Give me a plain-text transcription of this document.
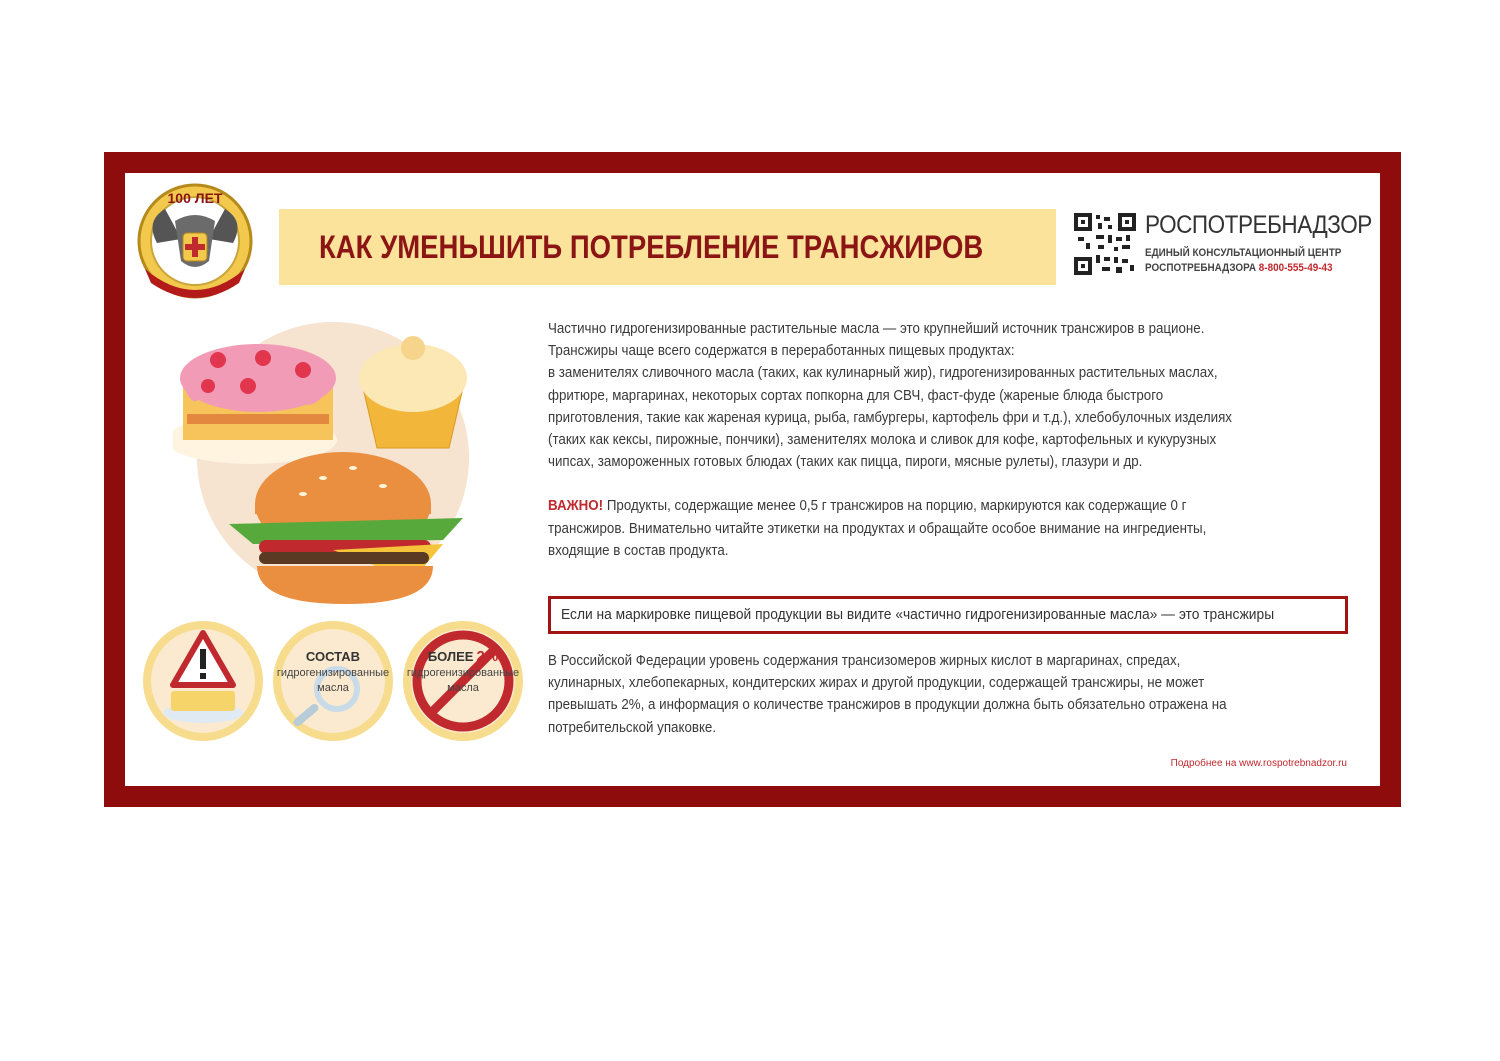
100 ЛЕТ
КАК УМЕНЬШИТЬ ПОТРЕБЛЕНИЕ ТРАНСЖИРОВ
РОСПОТРЕБНАДЗОР
ЕДИНЫЙ КОНСУЛЬТАЦИОННЫЙ ЦЕНТР
РОСПОТРЕБНАДЗОРА 8-800-555-49-43
СОСТАВ
гидрогенизированные
масла
БОЛЕЕ 2%
гидрогенизированные
масла

Частично гидрогенизированные растительные масла — это крупнейший источник трансжиров в рационе.

Трансжиры чаще всего содержатся в переработанных пищевых продуктах:

в заменителях сливочного масла (таких, как кулинарный жир), гидрогенизированных растительных маслах,

фритюре, маргаринах, некоторых сортах попкорна для СВЧ, фаст-фуде (жареные блюда быстрого

приготовления, такие как жареная курица, рыба, гамбургеры, картофель фри и т.д.), хлебобулочных изделиях

(таких как кексы, пирожные, пончики), заменителях молока и сливок для кофе, картофельных и кукурузных

чипсах, замороженных готовых блюдах (таких как пицца, пироги, мясные рулеты), глазури и др.

ВАЖНО! Продукты, содержащие менее 0,5 г трансжиров на порцию, маркируются как содержащие 0 г

трансжиров. Внимательно читайте этикетки на продуктах и обращайте особое внимание на ингредиенты,

входящие в состав продукта.

Если на маркировке пищевой продукции вы видите «частично гидрогенизированные масла» — это трансжиры

В Российской Федерации уровень содержания трансизомеров жирных кислот в маргаринах, спредах,

кулинарных, хлебопекарных, кондитерских жирах и другой продукции, содержащей трансжиры, не может

превышать 2%, а информация о количестве трансжиров в продукции должна быть обязательно отражена на

потребительской упаковке.

Подробнее на www.rospotrebnadzor.ru
